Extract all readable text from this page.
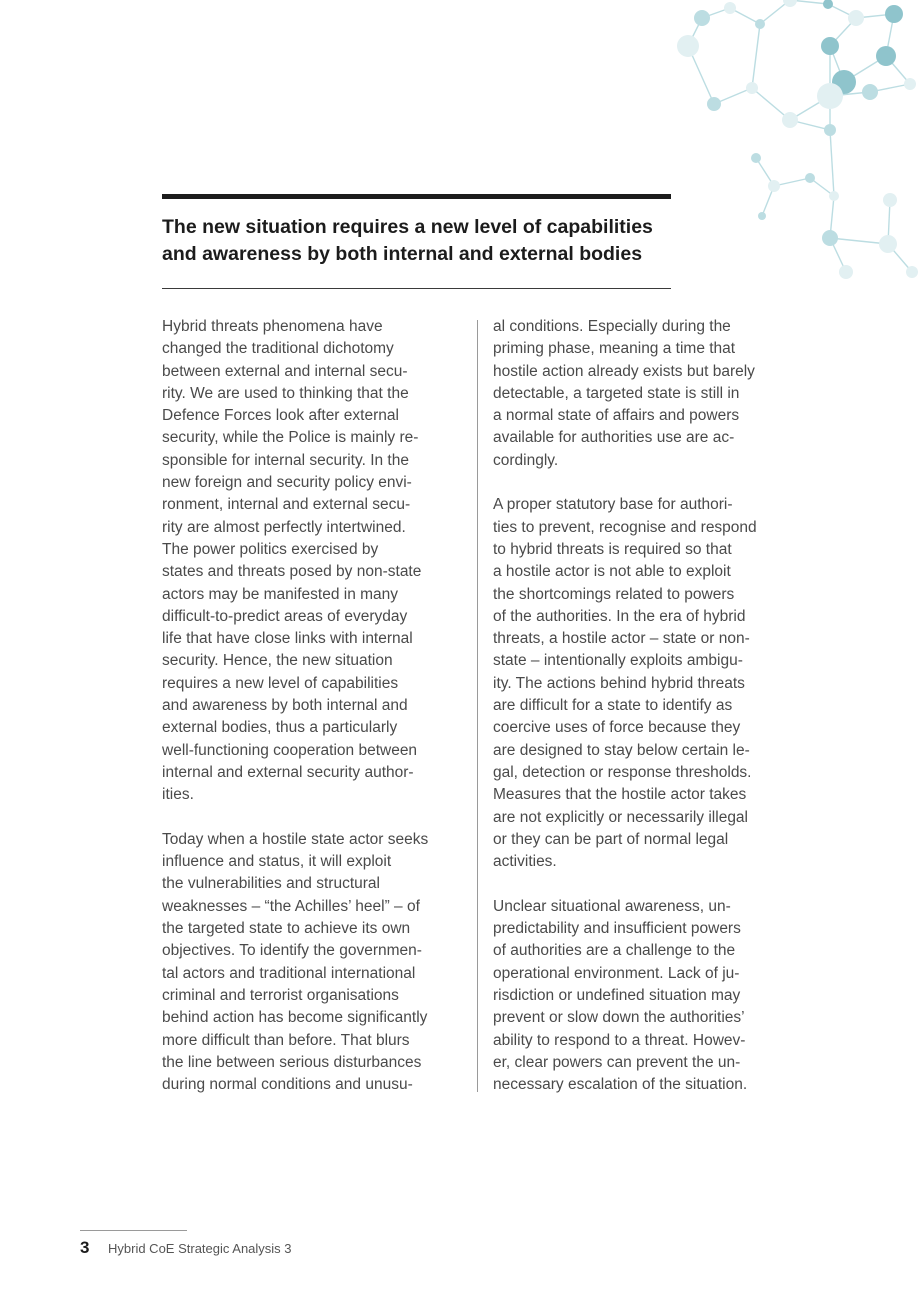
The new situation requires a new level of capabilities
and awareness by both internal and external bodies

Hybrid threats phenomena have
changed the traditional dichotomy
between external and internal secu-
rity. We are used to thinking that the
Defence Forces look after external
security, while the Police is mainly re-
sponsible for internal security. In the
new foreign and security policy envi-
ronment, internal and external secu-
rity are almost perfectly intertwined.
The power politics exercised by
states and threats posed by non-state
actors may be manifested in many
difficult-to-predict areas of everyday
life that have close links with internal
security. Hence, the new situation
requires a new level of capabilities
and awareness by both internal and
external bodies, thus a particularly
well-functioning cooperation between
internal and external security author-
ities.

Today when a hostile state actor seeks
influence and status, it will exploit
the vulnerabilities and structural
weaknesses – “the Achilles’ heel” – of
the targeted state to achieve its own
objectives. To identify the governmen-
tal actors and traditional international
criminal and terrorist organisations
behind action has become significantly
more difficult than before. That blurs
the line between serious disturbances
during normal conditions and unusu-

al conditions. Especially during the
priming phase, meaning a time that
hostile action already exists but barely
detectable, a targeted state is still in
a normal state of affairs and powers
available for authorities use are ac-
cordingly.

A proper statutory base for authori-
ties to prevent, recognise and respond
to hybrid threats is required so that
a hostile actor is not able to exploit
the shortcomings related to powers
of the authorities. In the era of hybrid
threats, a hostile actor – state or non-
state – intentionally exploits ambigu-
ity. The actions behind hybrid threats
are difficult for a state to identify as
coercive uses of force because they
are designed to stay below certain le-
gal, detection or response thresholds.
Measures that the hostile actor takes
are not explicitly or necessarily illegal
or they can be part of normal legal
activities.

Unclear situational awareness, un-
predictability and insufficient powers
of authorities are a challenge to the
operational environment. Lack of ju-
risdiction or undefined situation may
prevent or slow down the authorities’
ability to respond to a threat. Howev-
er, clear powers can prevent the un-
necessary escalation of the situation.

3 Hybrid CoE Strategic Analysis 3
